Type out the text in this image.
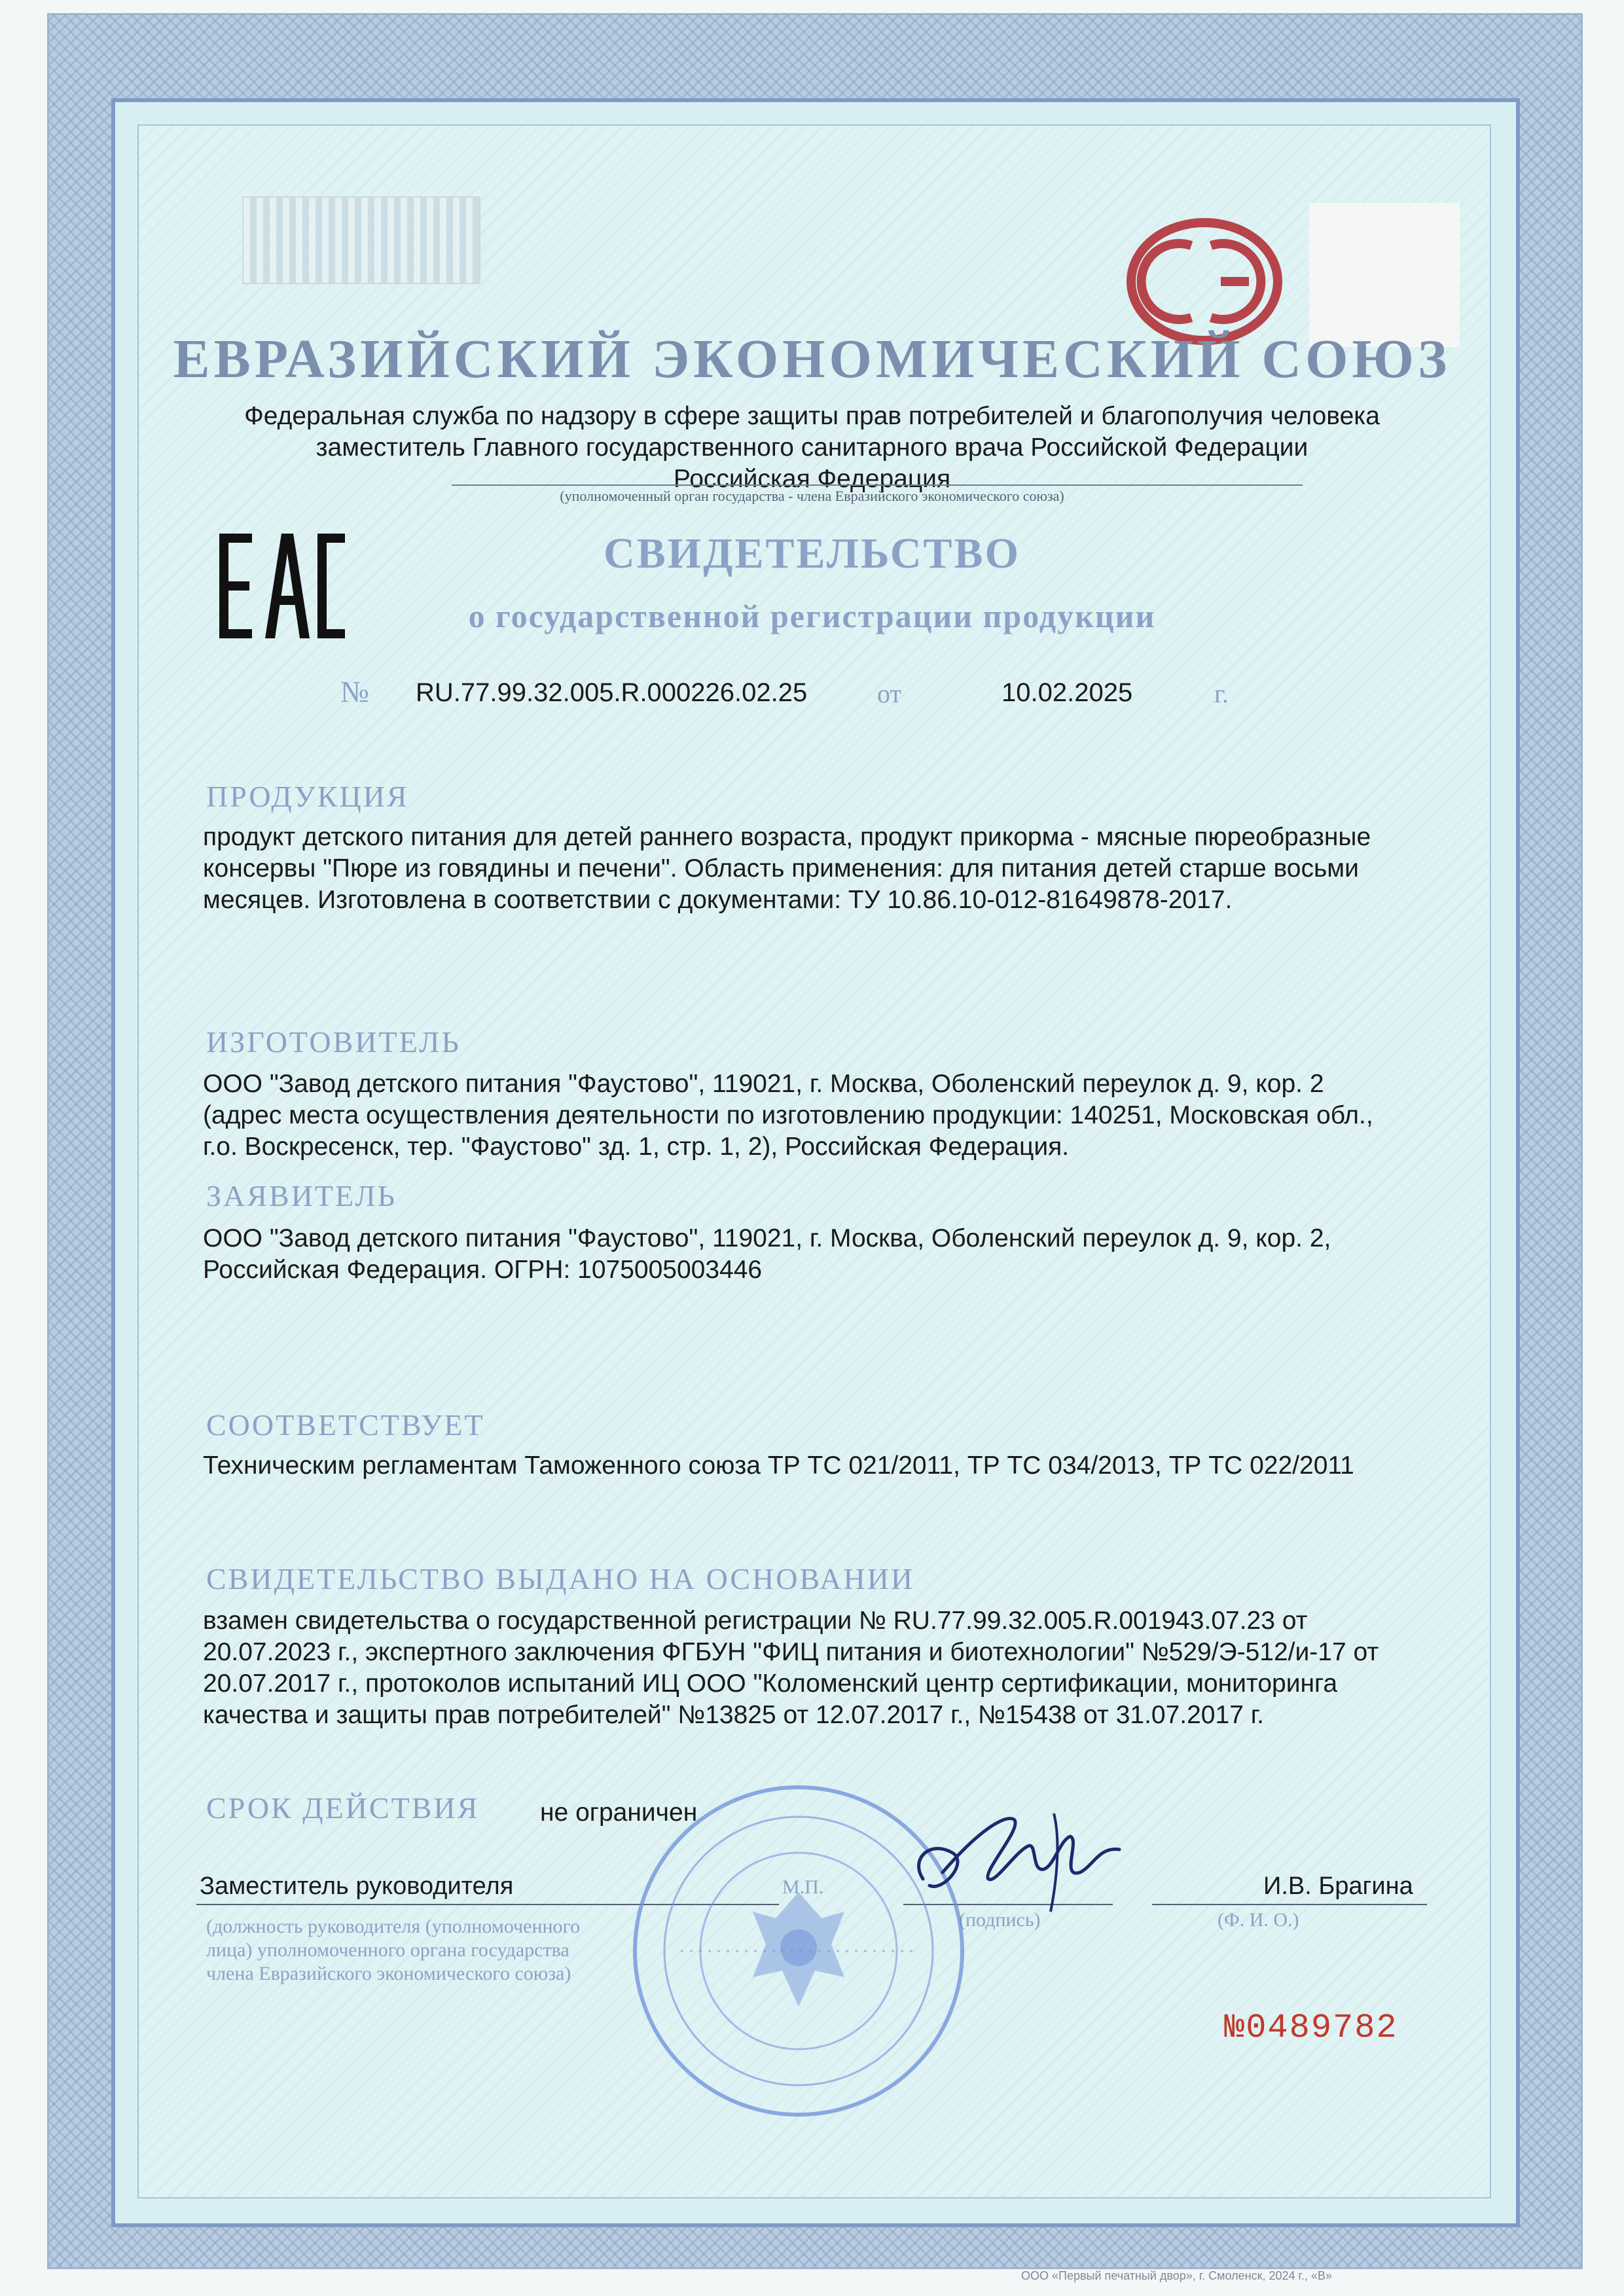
ЕВРАЗИЙСКИЙ ЭКОНОМИЧЕСКИЙ СОЮЗ
Федеральная служба по надзору в сфере защиты прав потребителей и благополучия человека
заместитель Главного государственного санитарного врача Российской Федерации
Российская Федерация
(уполномоченный орган государства - члена Евразийского экономического союза)
СВИДЕТЕЛЬСТВО
о государственной регистрации продукции
№ RU.77.99.32.005.R.000226.02.25	от	10.02.2025	г.
ПРОДУКЦИЯ
продукт детского питания для детей раннего возраста, продукт прикорма - мясные пюреобразные
консервы "Пюре из говядины и печени". Область применения: для питания детей старше восьми
месяцев. Изготовлена в соответствии с документами: ТУ 10.86.10-012-81649878-2017.
ИЗГОТОВИТЕЛЬ
ООО "Завод детского питания "Фаустово", 119021, г. Москва, Оболенский переулок д. 9, кор. 2
(адрес места осуществления деятельности по изготовлению продукции: 140251, Московская обл.,
г.о. Воскресенск, тер. "Фаустово" зд. 1, стр. 1, 2), Российская Федерация.
ЗАЯВИТЕЛЬ
ООО "Завод детского питания "Фаустово", 119021, г. Москва, Оболенский переулок д. 9, кор. 2,
Российская Федерация. ОГРН: 1075005003446
СООТВЕТСТВУЕТ
Техническим регламентам Таможенного союза ТР ТС 021/2011, ТР ТС 034/2013, ТР ТС 022/2011
СВИДЕТЕЛЬСТВО ВЫДАНО НА ОСНОВАНИИ
взамен свидетельства о государственной регистрации № RU.77.99.32.005.R.001943.07.23 от
20.07.2023 г., экспертного заключения ФГБУН "ФИЦ питания и биотехнологии" №529/Э-512/и-17 от
20.07.2017 г., протоколов испытаний ИЦ ООО "Коломенский центр сертификации, мониторинга
качества и защиты прав потребителей" №13825 от 12.07.2017 г., №15438 от 31.07.2017 г.
СРОК ДЕЙСТВИЯ не ограничен
Заместитель руководителя	И.В. Брагина
(должность руководителя (уполномоченного
лица) уполномоченного органа государства
члена Евразийского экономического союза)
М.П.
(подпись)	(Ф. И. О.)
№0489782
ООО «Первый печатный двор», г. Смоленск, 2024 г., «В»
